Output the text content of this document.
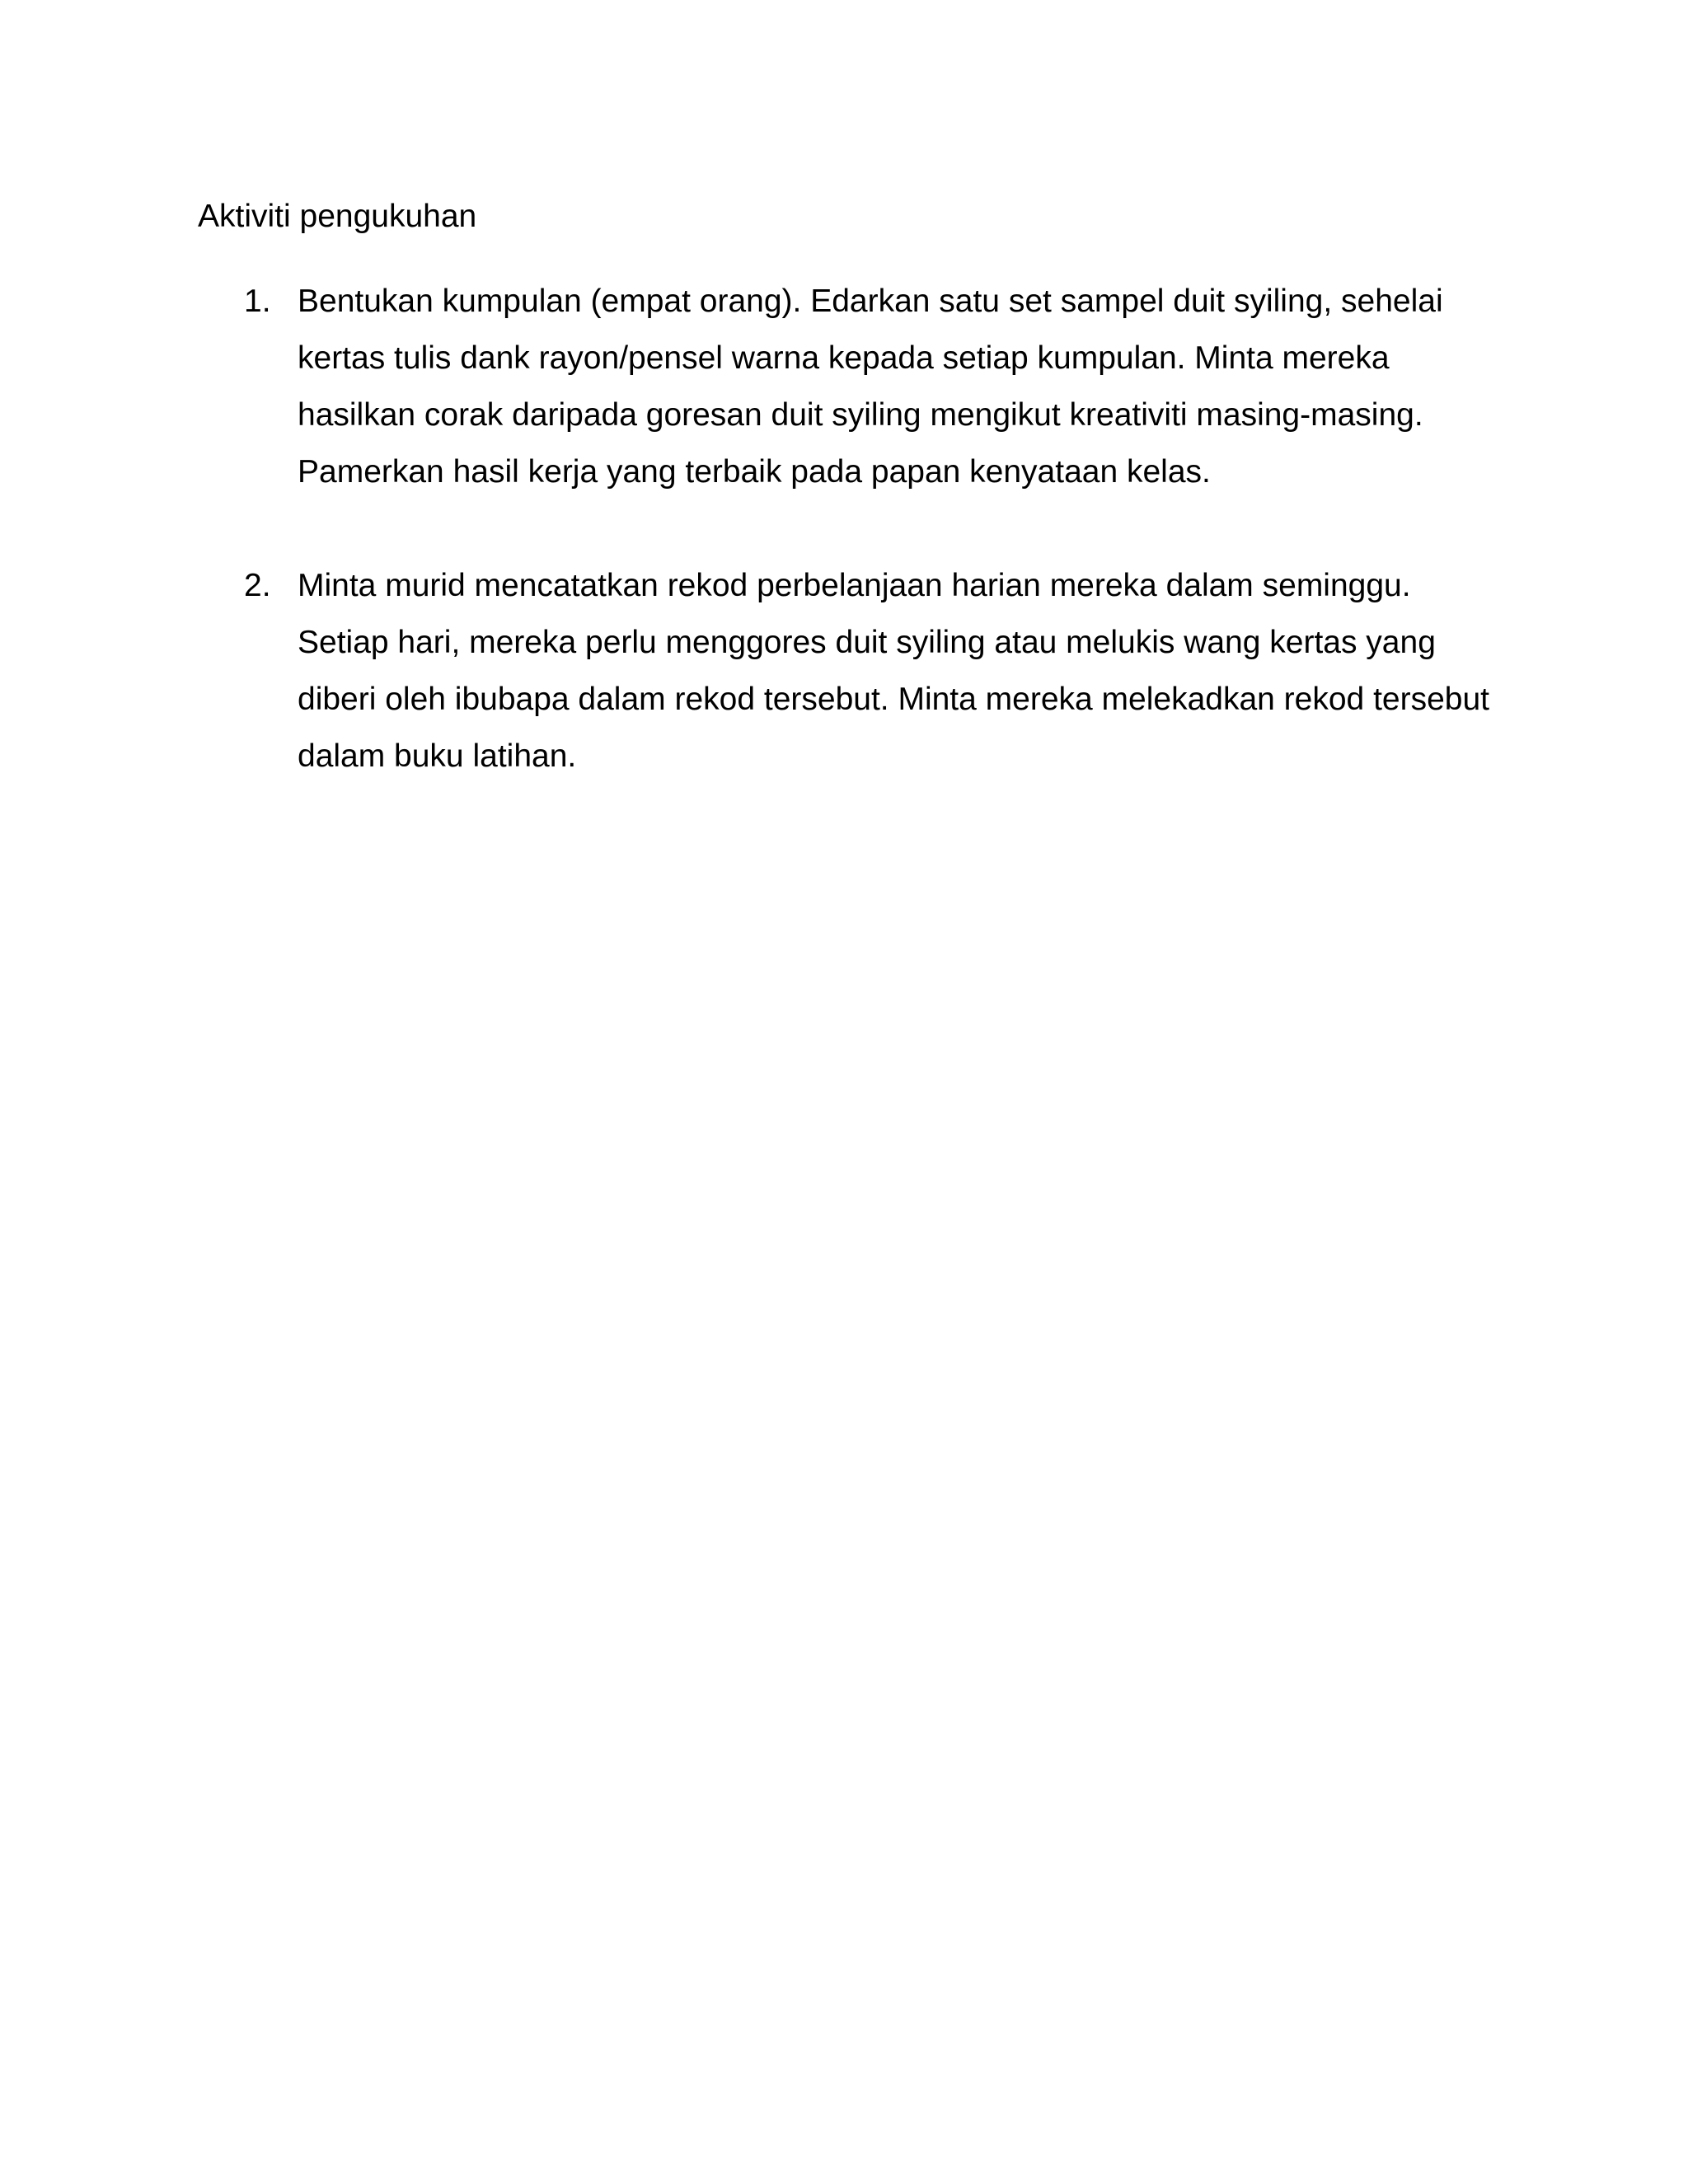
Aktiviti pengukuhan
1. Bentukan kumpulan (empat orang). Edarkan satu set sampel duit syiling, sehelai kertas tulis dank rayon/pensel warna kepada setiap kumpulan. Minta mereka hasilkan corak daripada goresan duit syiling mengikut kreativiti masing-masing. Pamerkan hasil kerja yang terbaik pada papan kenyataan kelas.
2. Minta murid mencatatkan rekod perbelanjaan harian mereka dalam seminggu. Setiap hari, mereka perlu menggores duit syiling atau melukis wang kertas yang diberi oleh ibubapa dalam rekod tersebut. Minta mereka melekadkan rekod tersebut dalam buku latihan.
